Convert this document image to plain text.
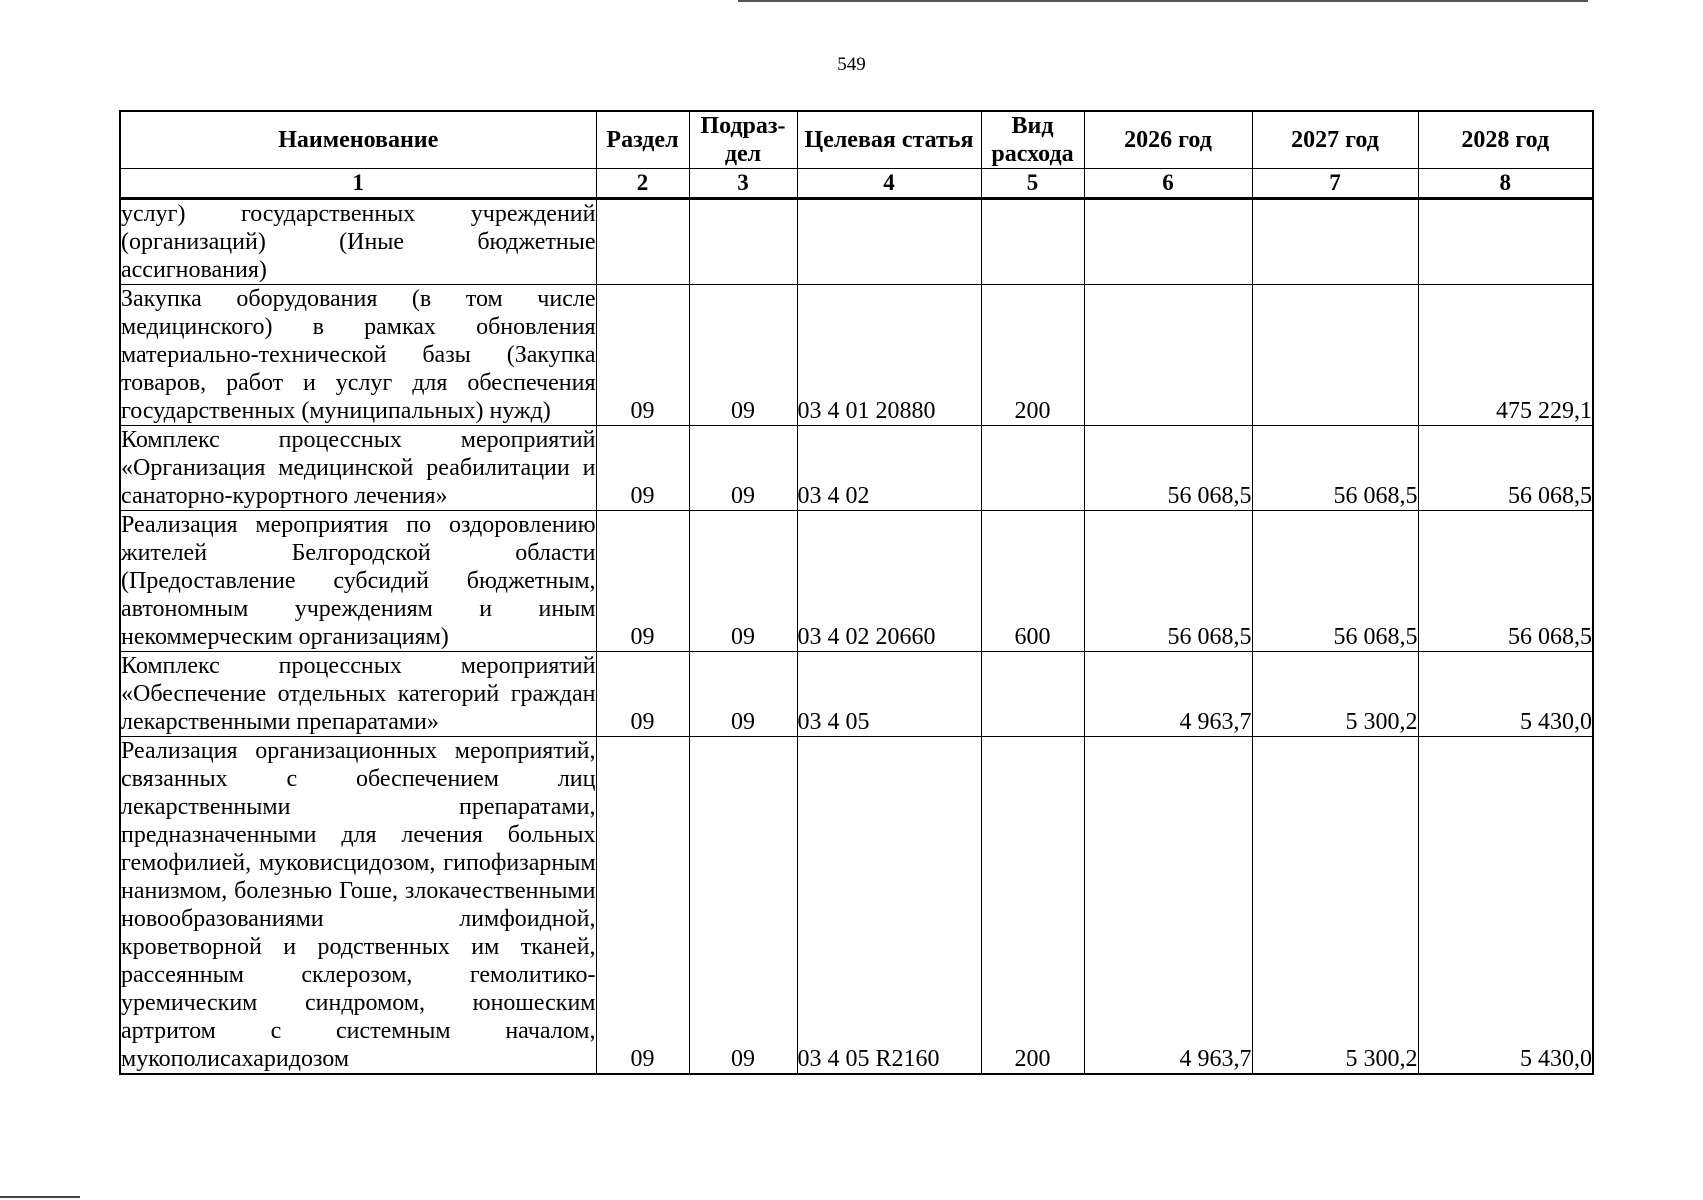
549
Наименование	Раздел	Подраз-дел	Целевая статья	Вид расхода	2026 год	2027 год	2028 год
1	2	3	4	5	6	7	8
услуг) государственных учреждений (организаций) (Иные бюджетные ассигнования)							
Закупка оборудования (в том числе медицинского) в рамках обновления материально-технической базы (Закупка товаров, работ и услуг для обеспечения государственных (муниципальных) нужд)	09	09	03 4 01 20880	200			475 229,1
Комплекс процессных мероприятий «Организация медицинской реабилитации и санаторно-курортного лечения»	09	09	03 4 02		56 068,5	56 068,5	56 068,5
Реализация мероприятия по оздоровлению жителей Белгородской области (Предоставление субсидий бюджетным, автономным учреждениям и иным некоммерческим организациям)	09	09	03 4 02 20660	600	56 068,5	56 068,5	56 068,5
Комплекс процессных мероприятий «Обеспечение отдельных категорий граждан лекарственными препаратами»	09	09	03 4 05		4 963,7	5 300,2	5 430,0
Реализация организационных мероприятий, связанных с обеспечением лиц лекарственными препаратами, предназначенными для лечения больных гемофилией, муковисцидозом, гипофизарным нанизмом, болезнью Гоше, злокачественными новообразованиями лимфоидной, кроветворной и родственных им тканей, рассеянным склерозом, гемолитико-уремическим синдромом, юношеским артритом с системным началом, мукополисахаридозом	09	09	03 4 05 R2160	200	4 963,7	5 300,2	5 430,0
